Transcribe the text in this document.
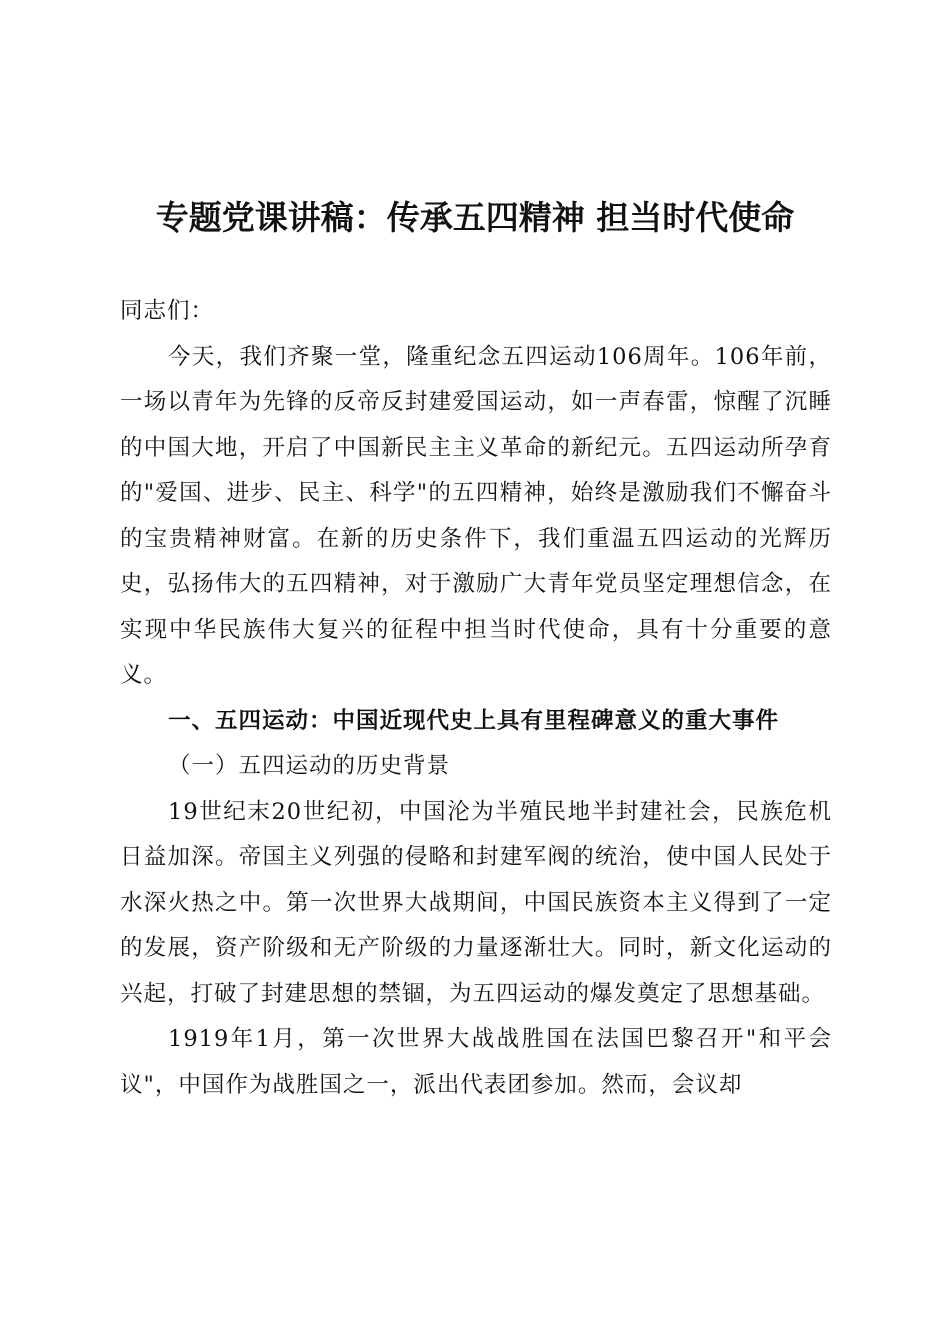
专题党课讲稿：传承五四精神 担当时代使命

同志们：

今天，我们齐聚一堂，隆重纪念五四运动106周年。106年前，一场以青年为先锋的反帝反封建爱国运动，如一声春雷，惊醒了沉睡的中国大地，开启了中国新民主主义革命的新纪元。五四运动所孕育的"爱国、进步、民主、科学"的五四精神，始终是激励我们不懈奋斗的宝贵精神财富。在新的历史条件下，我们重温五四运动的光辉历史，弘扬伟大的五四精神，对于激励广大青年党员坚定理想信念，在实现中华民族伟大复兴的征程中担当时代使命，具有十分重要的意义。

一、五四运动：中国近现代史上具有里程碑意义的重大事件

（一）五四运动的历史背景

19世纪末20世纪初，中国沦为半殖民地半封建社会，民族危机日益加深。帝国主义列强的侵略和封建军阀的统治，使中国人民处于水深火热之中。第一次世界大战期间，中国民族资本主义得到了一定的发展，资产阶级和无产阶级的力量逐渐壮大。同时，新文化运动的兴起，打破了封建思想的禁锢，为五四运动的爆发奠定了思想基础。

1919年1月，第一次世界大战战胜国在法国巴黎召开"和平会议"，中国作为战胜国之一，派出代表团参加。然而，会议却
